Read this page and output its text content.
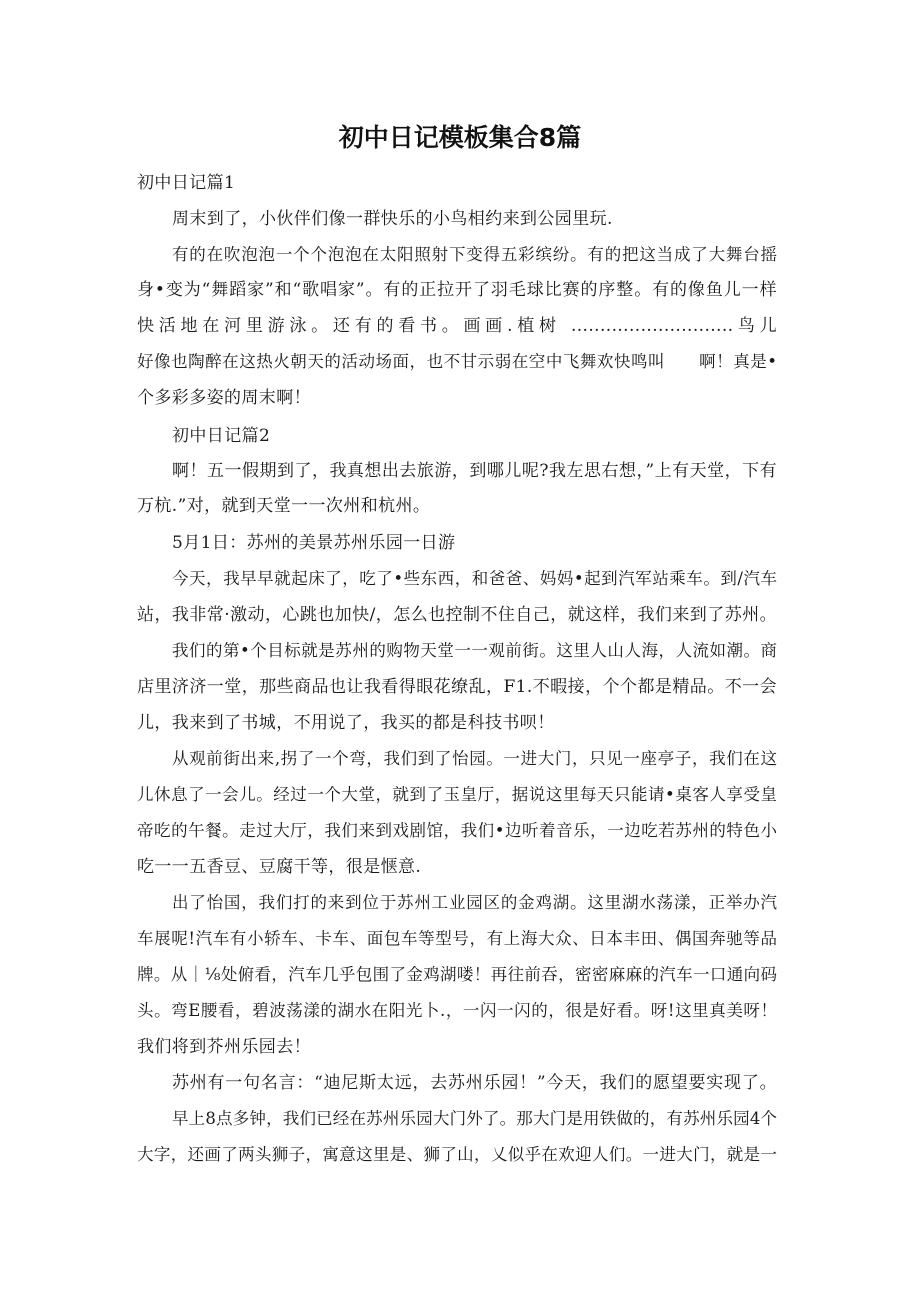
初中日记模板集合8篇
初中日记篇1
周末到了，小伙伴们像一群快乐的小鸟相约来到公园里玩.
有的在吹泡泡一个个泡泡在太阳照射下变得五彩缤纷。有的把这当成了大舞台摇
身•变为“舞蹈家”和“歌唱家”。有的正拉开了羽毛球比赛的序整。有的像鱼儿一样
快活地在河里游泳。还有的看书。画画.植树 ............................鸟儿
好像也陶醉在这热火朝天的活动场面，也不甘示弱在空中飞舞欢快鸣叫　　啊！真是•
个多彩多姿的周末啊！
初中日记篇2
啊！五一假期到了，我真想出去旅游，到哪儿呢?我左思右想，”上有天堂，下有
万杭.”对，就到天堂一一次州和杭州。
5月1日：苏州的美景苏州乐园一日游
今天，我早早就起床了，吃了•些东西，和爸爸、妈妈•起到汽军站乘车。到/汽车
站，我非常·激动，心跳也加快/，怎么也控制不住自己，就这样，我们来到了苏州。
我们的第•个目标就是苏州的购物天堂一一观前街。这里人山人海，人流如潮。商
店里济济一堂，那些商品也让我看得眼花缭乱，F1.不暇接，个个都是精品。不一会
儿，我来到了书城，不用说了，我买的都是科技书呗！
从观前街出来,拐了一个弯，我们到了怡园。一进大门，只见一座亭子，我们在这
儿休息了一会儿。经过一个大堂，就到了玉皇厅，据说这里每天只能请•桌客人享受皇
帝吃的午餐。走过大厅，我们来到戏剧馆，我们•边听着音乐，一边吃若苏州的特色小
吃一一五香豆、豆腐干等，很是惬意.
出了怡国，我们打的来到位于苏州工业园区的金鸡湖。这里湖水荡漾，正举办汽
车展呢!汽车有小轿车、卡车、面包车等型号，有上海大众、日本丰田、偶国奔驰等品
牌。从｜⅛处俯看，汽车几乎包围了金鸡湖喽！再往前吞，密密麻麻的汽车一口通向码
头。弯E腰看，碧波荡漾的湖水在阳光卜.，一闪一闪的，很是好看。呀!这里真美呀！
我们将到芥州乐园去！
苏州有一句名言：“迪尼斯太远，去苏州乐园！”今天，我们的愿望要实现了。
早上8点多钟，我们已经在苏州乐园大门外了。那大门是用铁做的，有苏州乐园4个
大字，还画了两头狮子，寓意这里是、狮了山，乂似乎在欢迎人们。一进大门，就是一
